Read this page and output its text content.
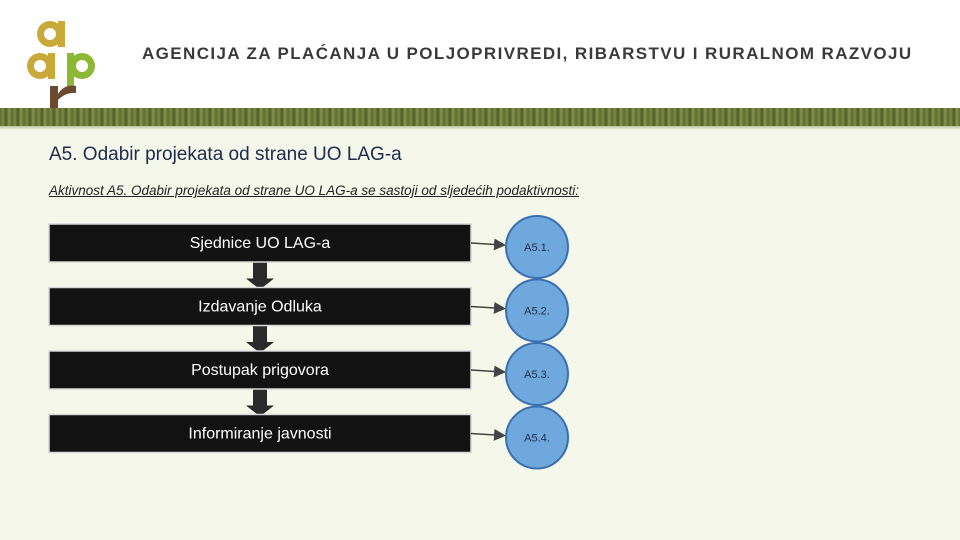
AGENCIJA ZA PLAĆANJA U POLJOPRIVREDI, RIBARSTVU I RURALNOM RAZVOJU
A5. Odabir projekata od strane UO LAG-a
Aktivnost A5. Odabir projekata od strane UO LAG-a se sastoji od sljedećih podaktivnosti:
Sjednice UO LAG-a	A5.1.
Izdavanje Odluka	A5.2.
Postupak prigovora	A5.3.
Informiranje javnosti	A5.4.
